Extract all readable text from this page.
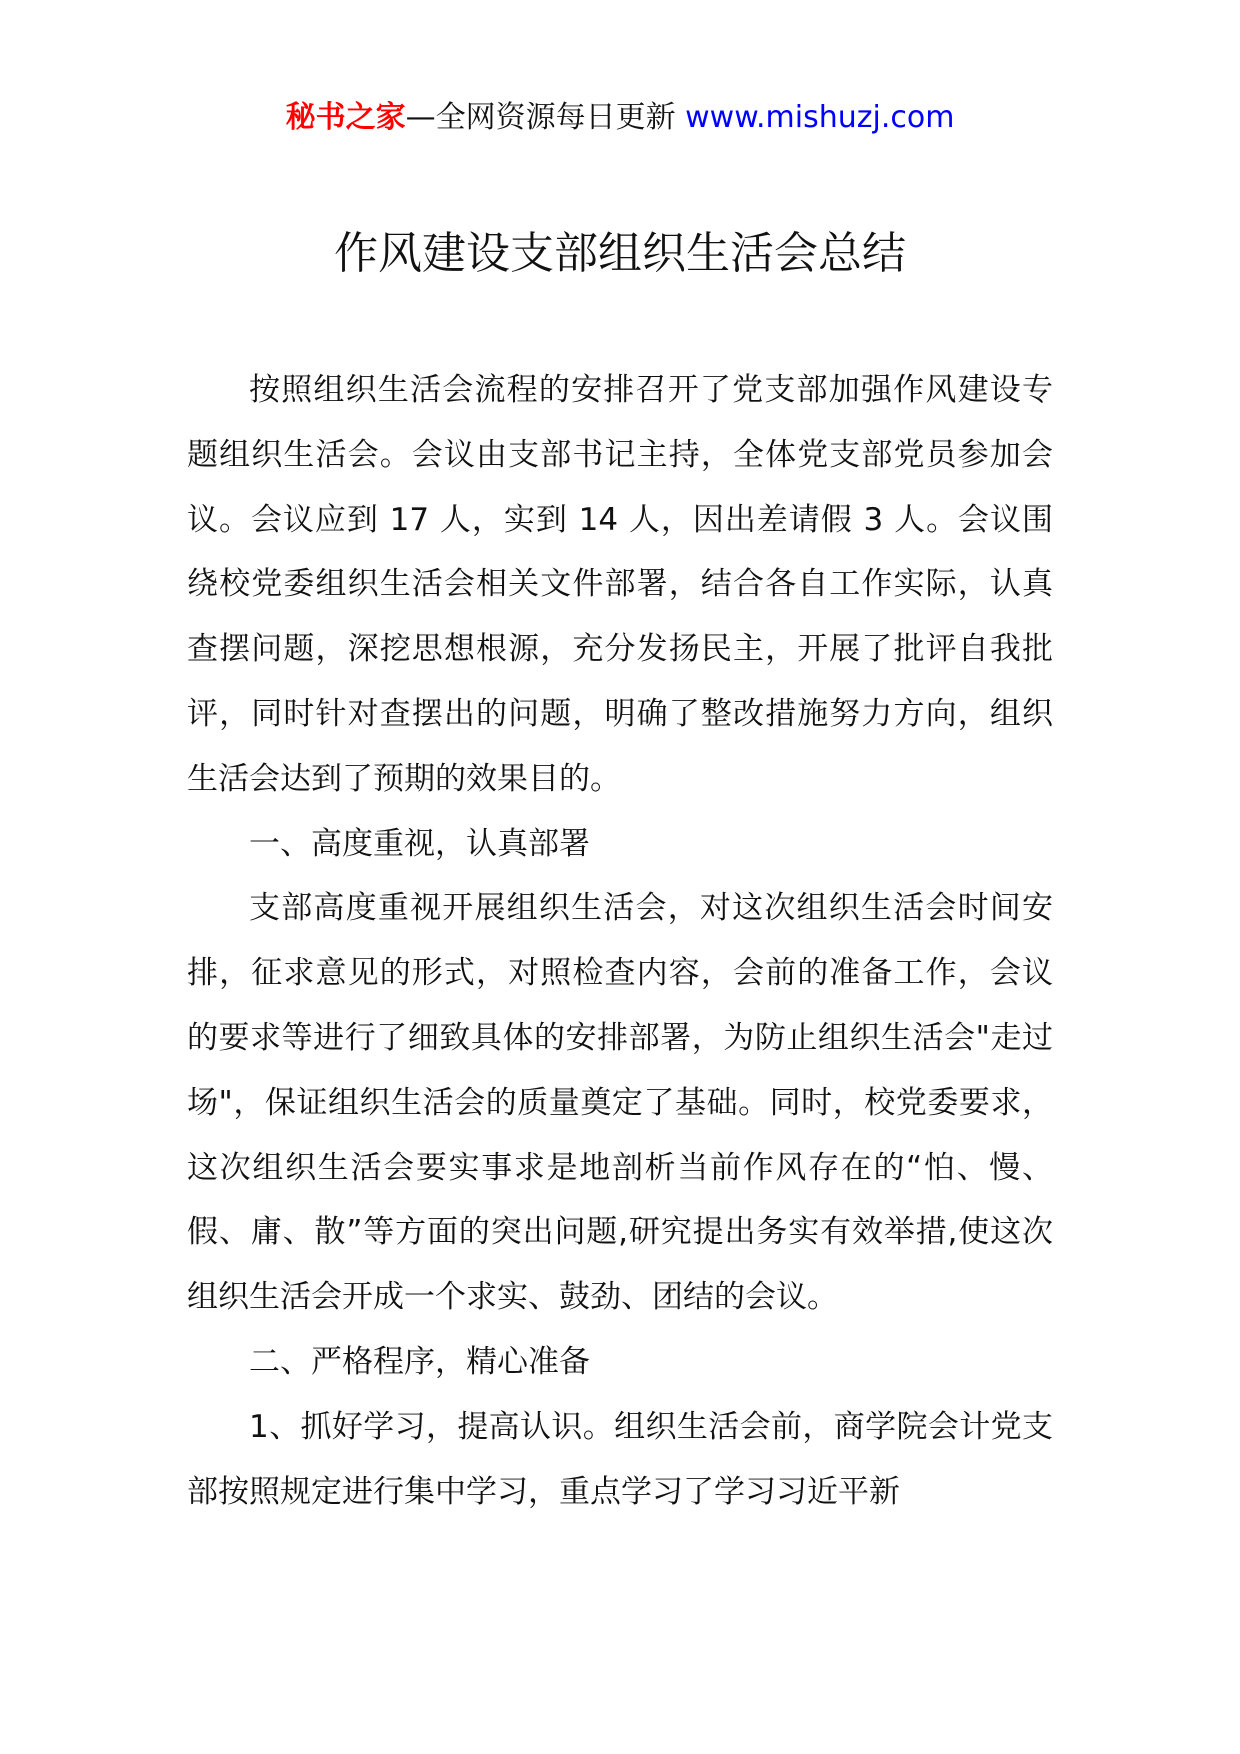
秘书之家—全网资源每日更新 www.mishuzj.com
作风建设支部组织生活会总结

按照组织生活会流程的安排召开了党支部加强作风建设专题组织生活会。会议由支部书记主持，全体党支部党员参加会议。会议应到 17 人，实到 14 人，因出差请假 3 人。会议围绕校党委组织生活会相关文件部署，结合各自工作实际，认真查摆问题，深挖思想根源，充分发扬民主，开展了批评自我批评，同时针对查摆出的问题，明确了整改措施努力方向，组织生活会达到了预期的效果目的。

一、高度重视，认真部署

支部高度重视开展组织生活会，对这次组织生活会时间安排，征求意见的形式，对照检查内容，会前的准备工作，会议的要求等进行了细致具体的安排部署，为防止组织生活会"走过场"，保证组织生活会的质量奠定了基础。同时，校党委要求，这次组织生活会要实事求是地剖析当前作风存在的“怕、慢、假、庸、散”等方面的突出问题,研究提出务实有效举措,使这次组织生活会开成一个求实、鼓劲、团结的会议。

二、严格程序，精心准备

1、抓好学习，提高认识。组织生活会前，商学院会计党支部按照规定进行集中学习，重点学习了学习习近平新
